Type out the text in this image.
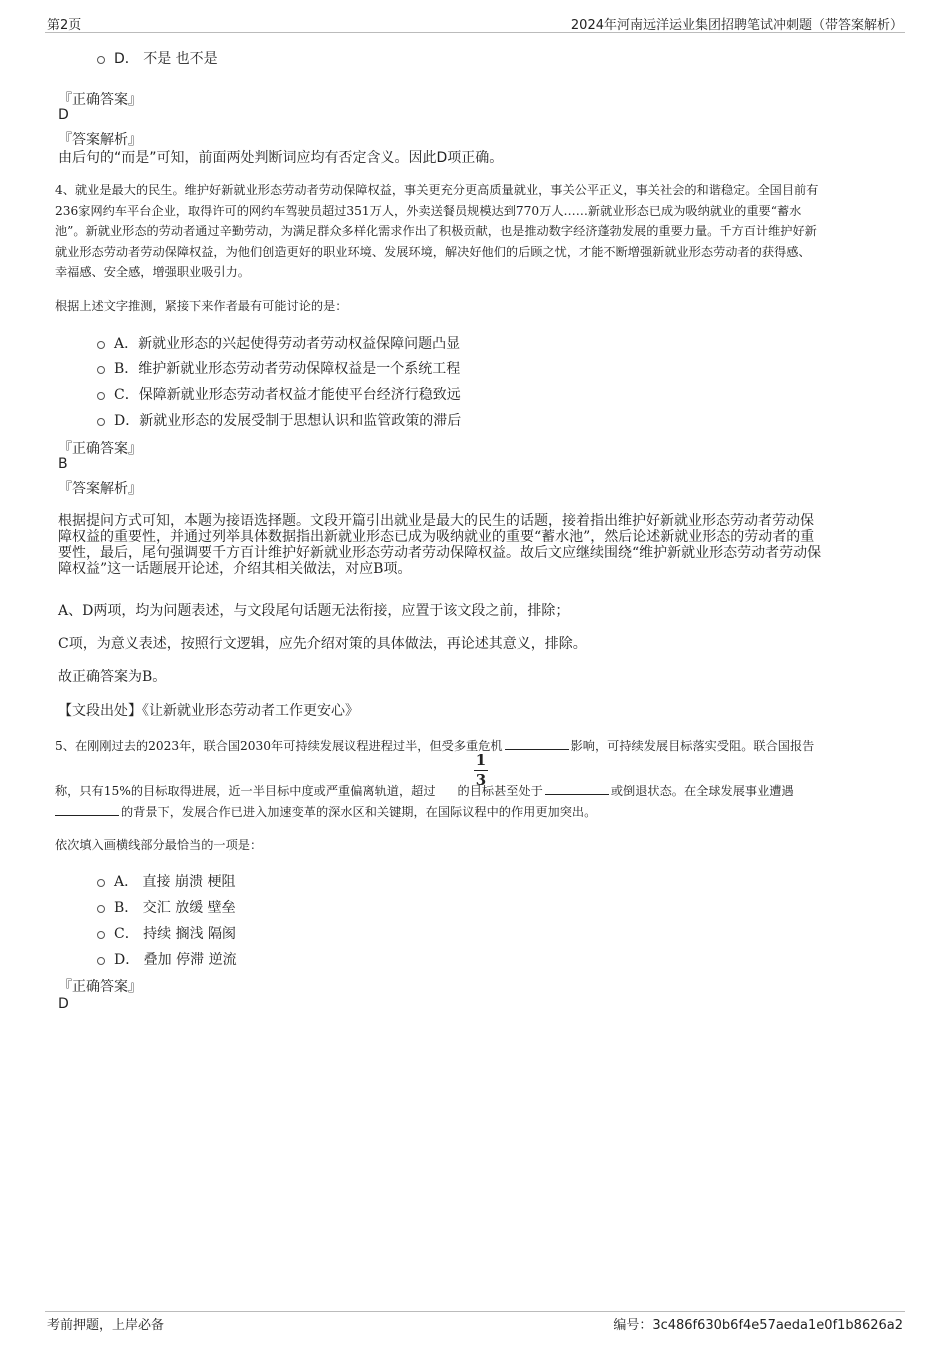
第2页	2024年河南远洋运业集团招聘笔试冲刺题（带答案解析）
D． 不是 也不是
『正确答案』
D
『答案解析』
由后句的“而是”可知，前面两处判断词应均有否定含义。因此D项正确。
4、就业是最大的民生。维护好新就业形态劳动者劳动保障权益，事关更充分更高质量就业，事关公平正义，事关社会的和谐稳定。全国目前有
236家网约车平台企业，取得许可的网约车驾驶员超过351万人，外卖送餐员规模达到770万人……新就业形态已成为吸纳就业的重要“蓄水
池”。新就业形态的劳动者通过辛勤劳动，为满足群众多样化需求作出了积极贡献，也是推动数字经济蓬勃发展的重要力量。千方百计维护好新
就业形态劳动者劳动保障权益，为他们创造更好的职业环境、发展环境，解决好他们的后顾之忧，才能不断增强新就业形态劳动者的获得感、
幸福感、安全感，增强职业吸引力。
根据上述文字推测，紧接下来作者最有可能讨论的是：
A．新就业形态的兴起使得劳动者劳动权益保障问题凸显
B．维护新就业形态劳动者劳动保障权益是一个系统工程
C．保障新就业形态劳动者权益才能使平台经济行稳致远
D．新就业形态的发展受制于思想认识和监管政策的滞后
『正确答案』
B
『答案解析』
根据提问方式可知，本题为接语选择题。文段开篇引出就业是最大的民生的话题，接着指出维护好新就业形态劳动者劳动保
障权益的重要性，并通过列举具体数据指出新就业形态已成为吸纳就业的重要“蓄水池”，然后论述新就业形态的劳动者的重
要性，最后，尾句强调要千方百计维护好新就业形态劳动者劳动保障权益。故后文应继续围绕“维护新就业形态劳动者劳动保
障权益”这一话题展开论述，介绍其相关做法，对应B项。
A、D两项，均为问题表述，与文段尾句话题无法衔接，应置于该文段之前，排除；
C项，为意义表述，按照行文逻辑，应先介绍对策的具体做法，再论述其意义，排除。
故正确答案为B。
【文段出处】《让新就业形态劳动者工作更安心》
5、在刚刚过去的2023年，联合国2030年可持续发展议程进程过半，但受多重危机	影响，可持续发展目标落实受阻。联合国报告
1
3
称，只有15%的目标取得进展，近一半目标中度或严重偏离轨道，超过 的目标甚至处于	或倒退状态。在全球发展事业遭遇
的背景下，发展合作已进入加速变革的深水区和关键期，在国际议程中的作用更加突出。
依次填入画横线部分最恰当的一项是：
A． 直接 崩溃 梗阻
B． 交汇 放缓 壁垒
C． 持续 搁浅 隔阂
D． 叠加 停滞 逆流
『正确答案』
D
考前押题，上岸必备	编号：3c486f630b6f4e57aeda1e0f1b8626a2
